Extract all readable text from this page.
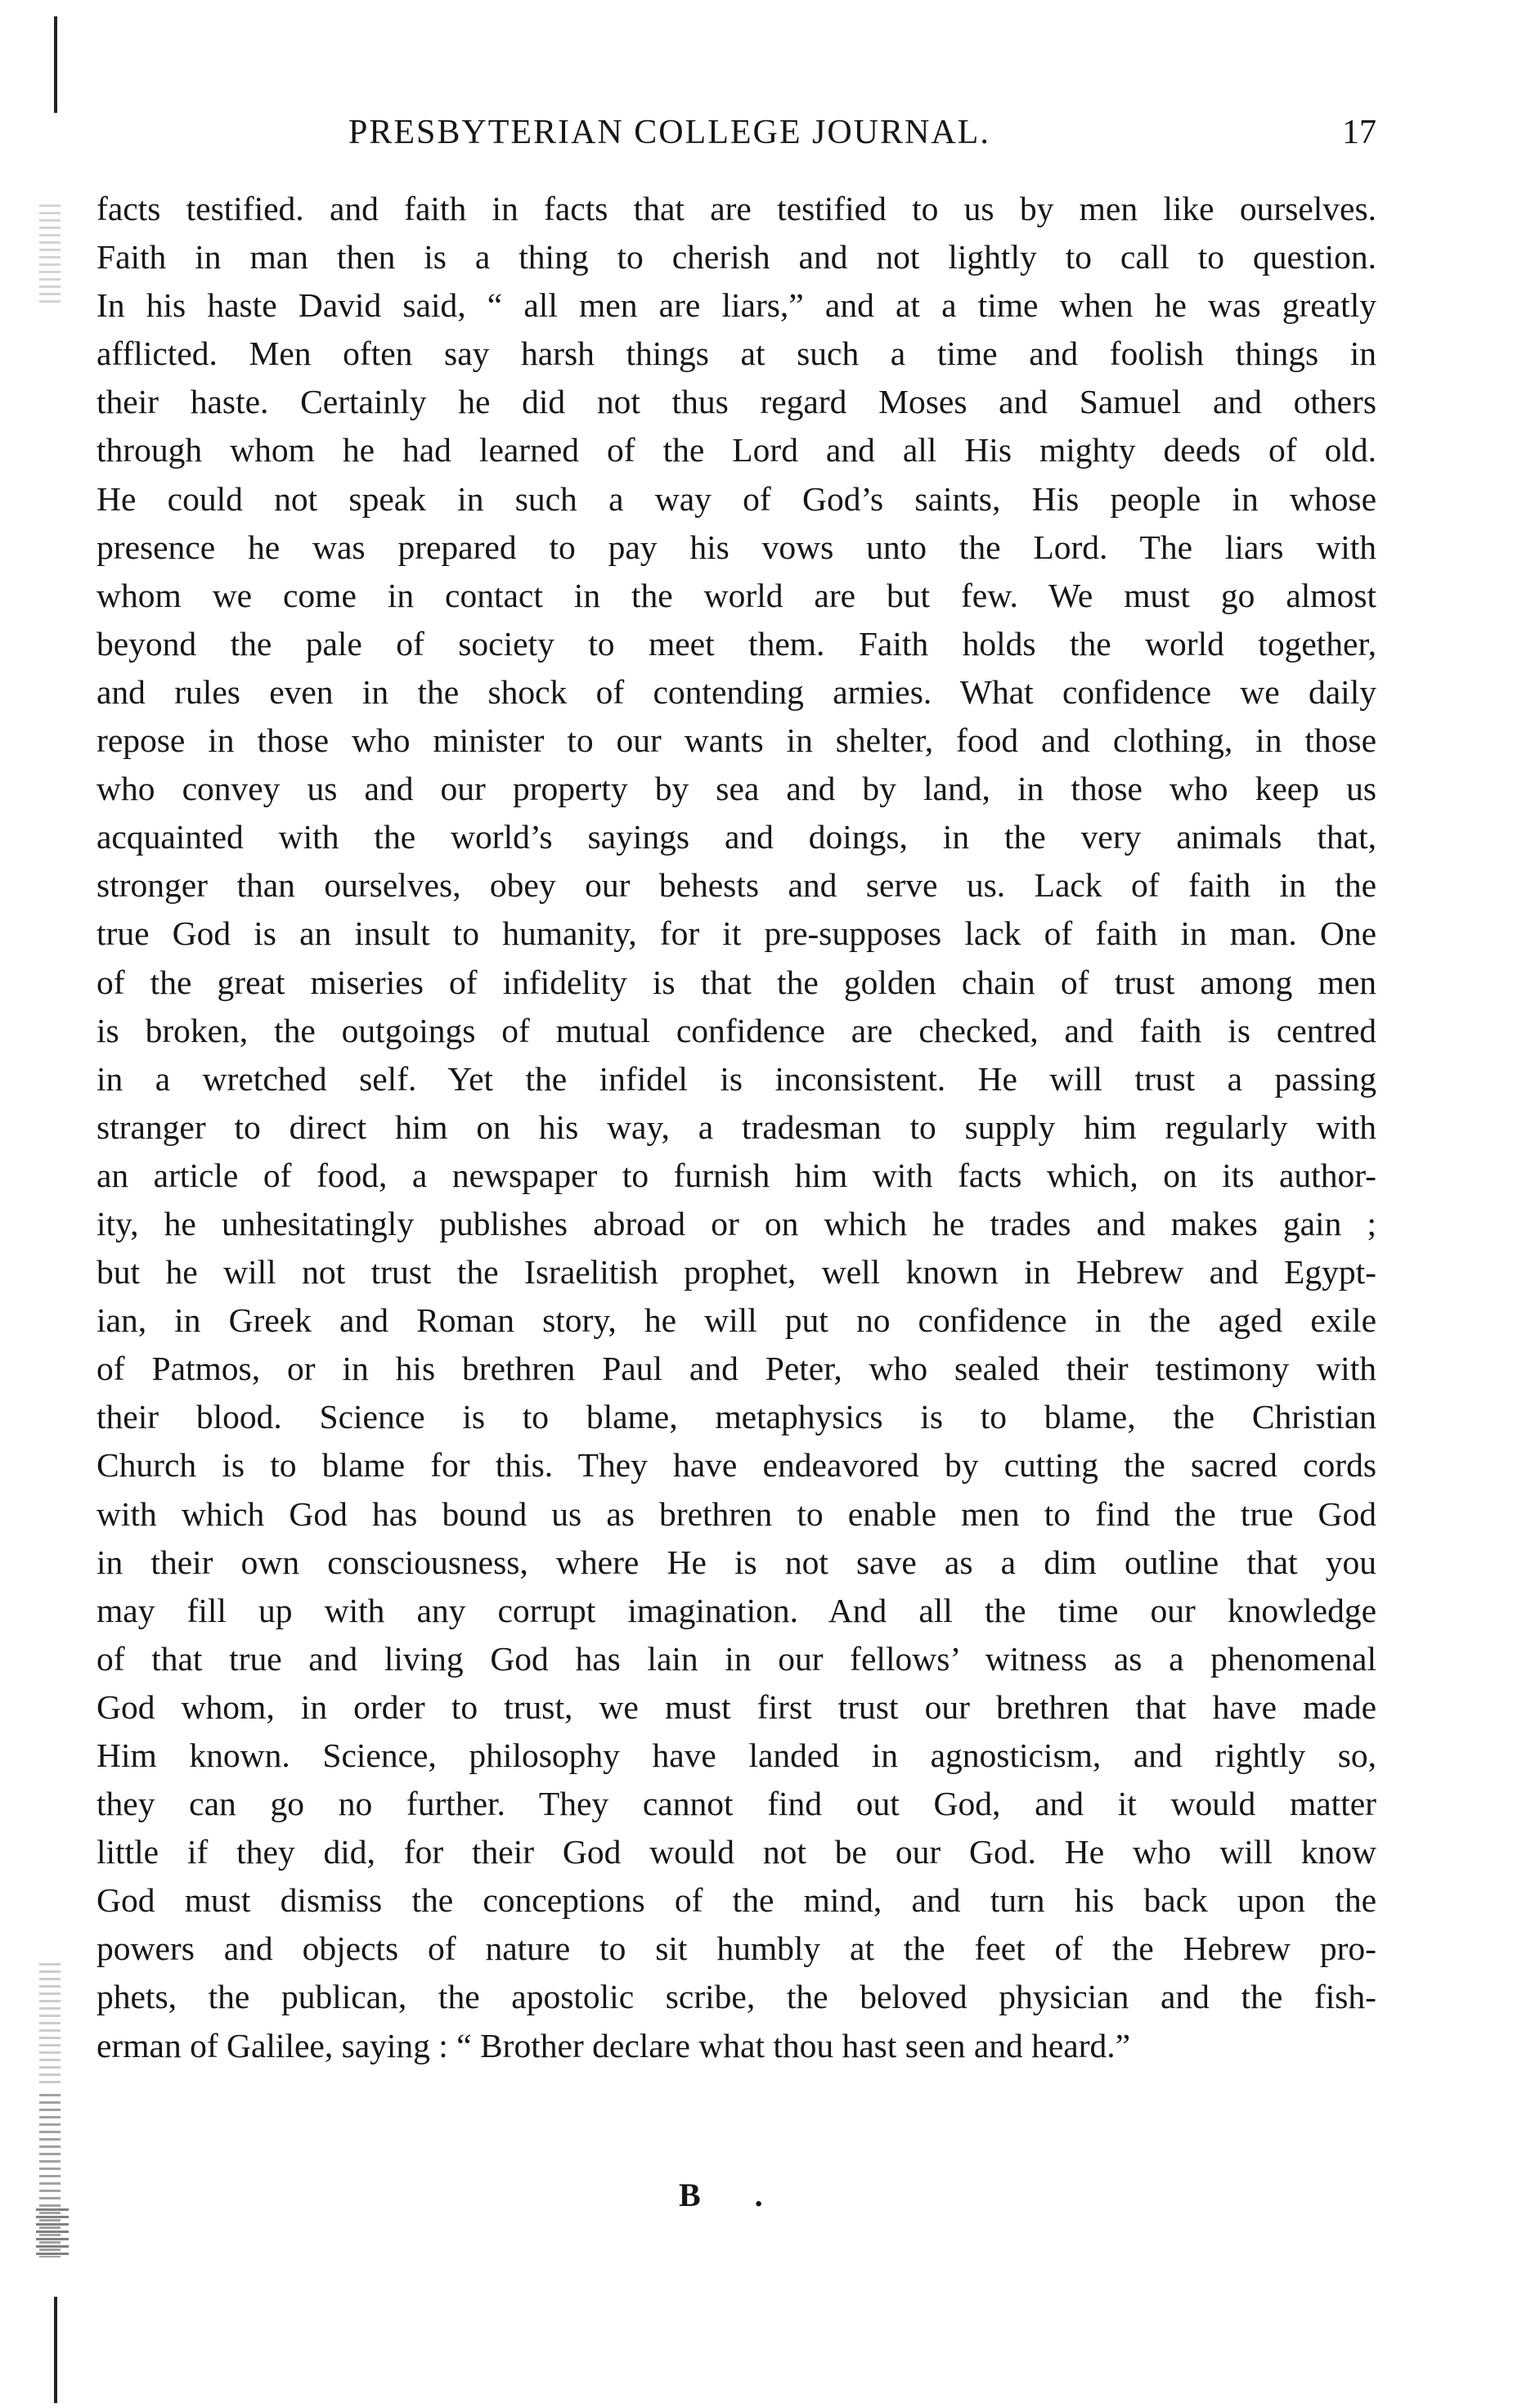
PRESBYTERIAN COLLEGE JOURNAL.	17
facts testified. and faith in facts that are testified to us by men like ourselves.
Faith in man then is a thing to cherish and not lightly to call to question.
In his haste David said, “ all men are liars,” and at a time when he was greatly
afflicted. Men often say harsh things at such a time and foolish things in
their haste. Certainly he did not thus regard Moses and Samuel and others
through whom he had learned of the Lord and all His mighty deeds of old.
He could not speak in such a way of God’s saints, His people in whose
presence he was prepared to pay his vows unto the Lord. The liars with
whom we come in contact in the world are but few. We must go almost
beyond the pale of society to meet them. Faith holds the world together,
and rules even in the shock of contending armies. What confidence we daily
repose in those who minister to our wants in shelter, food and clothing, in those
who convey us and our property by sea and by land, in those who keep us
acquainted with the world’s sayings and doings, in the very animals that,
stronger than ourselves, obey our behests and serve us. Lack of faith in the
true God is an insult to humanity, for it pre-supposes lack of faith in man. One
of the great miseries of infidelity is that the golden chain of trust among men
is broken, the outgoings of mutual confidence are checked, and faith is centred
in a wretched self. Yet the infidel is inconsistent. He will trust a passing
stranger to direct him on his way, a tradesman to supply him regularly with
an article of food, a newspaper to furnish him with facts which, on its author-
ity, he unhesitatingly publishes abroad or on which he trades and makes gain ;
but he will not trust the Israelitish prophet, well known in Hebrew and Egypt-
ian, in Greek and Roman story, he will put no confidence in the aged exile
of Patmos, or in his brethren Paul and Peter, who sealed their testimony with
their blood. Science is to blame, metaphysics is to blame, the Christian
Church is to blame for this. They have endeavored by cutting the sacred cords
with which God has bound us as brethren to enable men to find the true God
in their own consciousness, where He is not save as a dim outline that you
may fill up with any corrupt imagination. And all the time our knowledge
of that true and living God has lain in our fellows’ witness as a phenomenal
God whom, in order to trust, we must first trust our brethren that have made
Him known. Science, philosophy have landed in agnosticism, and rightly so,
they can go no further. They cannot find out God, and it would matter
little if they did, for their God would not be our God. He who will know
God must dismiss the conceptions of the mind, and turn his back upon the
powers and objects of nature to sit humbly at the feet of the Hebrew pro-
phets, the publican, the apostolic scribe, the beloved physician and the fish-
erman of Galilee, saying : “ Brother declare what thou hast seen and heard.”
B .
